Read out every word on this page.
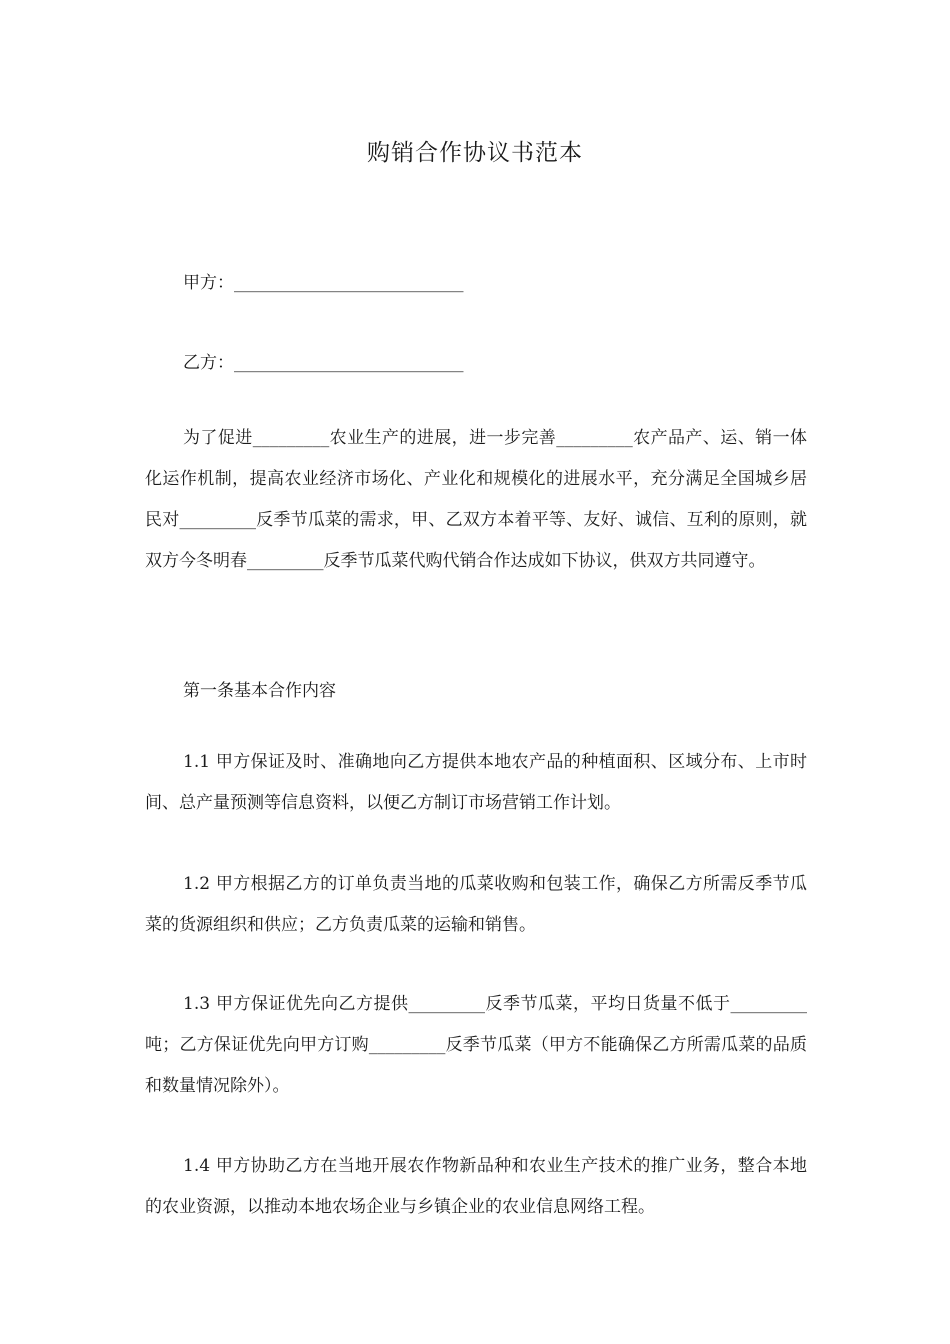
购销合作协议书范本
甲方：___________________________
乙方：___________________________
为了促进_________农业生产的进展，进一步完善_________农产品产、运、销一体化运作机制，提高农业经济市场化、产业化和规模化的进展水平，充分满足全国城乡居民对_________反季节瓜菜的需求，甲、乙双方本着平等、友好、诚信、互利的原则，就双方今冬明春_________反季节瓜菜代购代销合作达成如下协议，供双方共同遵守。
第一条基本合作内容
1.1 甲方保证及时、准确地向乙方提供本地农产品的种植面积、区域分布、上市时间、总产量预测等信息资料，以便乙方制订市场营销工作计划。
1.2 甲方根据乙方的订单负责当地的瓜菜收购和包装工作，确保乙方所需反季节瓜菜的货源组织和供应；乙方负责瓜菜的运输和销售。
1.3 甲方保证优先向乙方提供_________反季节瓜菜，平均日货量不低于_________吨；乙方保证优先向甲方订购_________反季节瓜菜（甲方不能确保乙方所需瓜菜的品质和数量情况除外）。
1.4 甲方协助乙方在当地开展农作物新品种和农业生产技术的推广业务，整合本地的农业资源，以推动本地农场企业与乡镇企业的农业信息网络工程。
